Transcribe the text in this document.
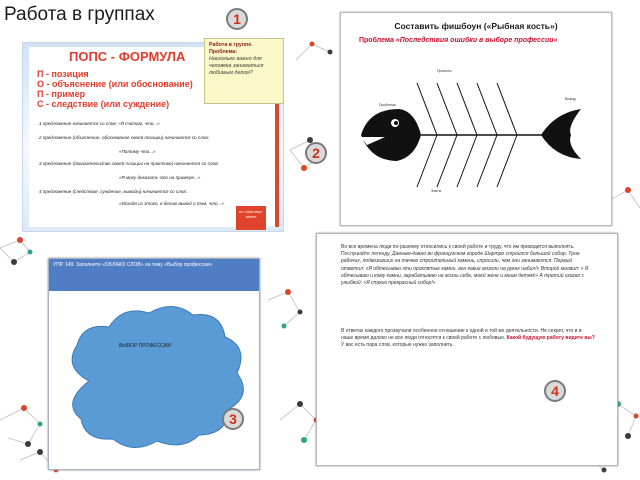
Работа в группах
ПОПС - ФОРМУЛА
П - позиция
О - объяснение (или обоснование)
П - пример
С - следствие (или суждение)
1 предложение начинается со слов: «Я считаю, что...»
2 предложение (объяснение, обоснование своей позиции) начинается со слов:
«Потому что...»
3 предложение (доказательство своей позиции на практике) начинается со слов:
«Я могу доказать это на примере...»
4 предложение (следствие, суждение, выводы) начинается со слов:
«Исходя из этого, я делаю вывод о том, что...»
Работа в группе.
Проблема:
Насколько важно для человека заниматься любимым делом?
по «Ластику» газете
1	Составить фишбоун («Рыбная кость»)
Проблема «Последствия ошибки в выборе профессии»
Причины
Проблема
Вывод
Факты
2
УПР. 149. Заполните «ОБЛАКО СЛОВ» на тему «Выбор профессии»
ВЫБОР ПРОФЕССИИ
3
Во все времена люди по-разному относились к своей работе и труду, что им приходится выполнять. Послушайте легенду. Давным-давно во французском городе Шартре строился большой собор. Трое рабочих, подвозивших на тачках строительный камень, спросили, чем они занимаются. Первый ответил: «Я обтесываю эти проклятые камни, вон какие мозоли на руках набил!» Второй молвил: « Я обтесываю и кому камни, зарабатываю на жизнь себе, моей жене и моим детям!» А третий сказал с улыбкой: «Я строю прекрасный собор!»
В ответах каждого прозвучали особенное отношение к одной и той же деятельности. Не секрет, что и в наше время далеко не все люди относятся к своей работе с любовью. Какой будущую работу видите вы? У вас есть пара слов, которые нужно заполнить.
4
